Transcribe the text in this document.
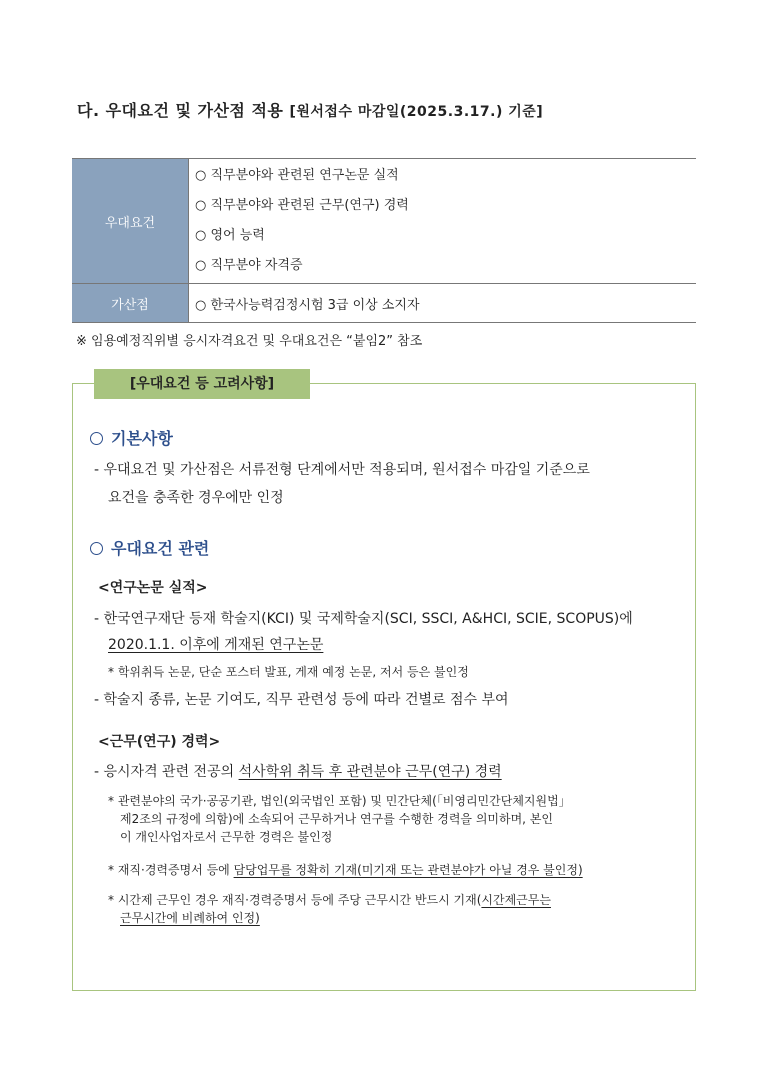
다. 우대요건 및 가산점 적용 [원서접수 마감일(2025.3.17.) 기준]
우대요건	○ 직무분야와 관련된 연구논문 실적
○ 직무분야와 관련된 근무(연구) 경력
○ 영어 능력
○ 직무분야 자격증

가산점	○ 한국사능력검정시험 3급 이상 소지자
※ 임용예정직위별 응시자격요건 및 우대요건은 “붙임2” 참조
[우대요건 등 고려사항]
기본사항
- 우대요건 및 가산점은 서류전형 단계에서만 적용되며, 원서접수 마감일 기준으로
요건을 충족한 경우에만 인정
우대요건 관련
<연구논문 실적>
- 한국연구재단 등재 학술지(KCI) 및 국제학술지(SCI, SSCI, A&HCI, SCIE, SCOPUS)에
2020.1.1. 이후에 게재된 연구논문
* 학위취득 논문, 단순 포스터 발표, 게재 예정 논문, 저서 등은 불인정
- 학술지 종류, 논문 기여도, 직무 관련성 등에 따라 건별로 점수 부여
<근무(연구) 경력>
- 응시자격 관련 전공의 석사학위 취득 후 관련분야 근무(연구) 경력
* 관련분야의 국가·공공기관, 법인(외국법인 포함) 및 민간단체(「비영리민간단체지원법」
제2조의 규정에 의함)에 소속되어 근무하거나 연구를 수행한 경력을 의미하며, 본인
이 개인사업자로서 근무한 경력은 불인정
* 재직·경력증명서 등에 담당업무를 정확히 기재(미기재 또는 관련분야가 아닐 경우 불인정)
* 시간제 근무인 경우 재직·경력증명서 등에 주당 근무시간 반드시 기재(시간제근무는
근무시간에 비례하여 인정)
